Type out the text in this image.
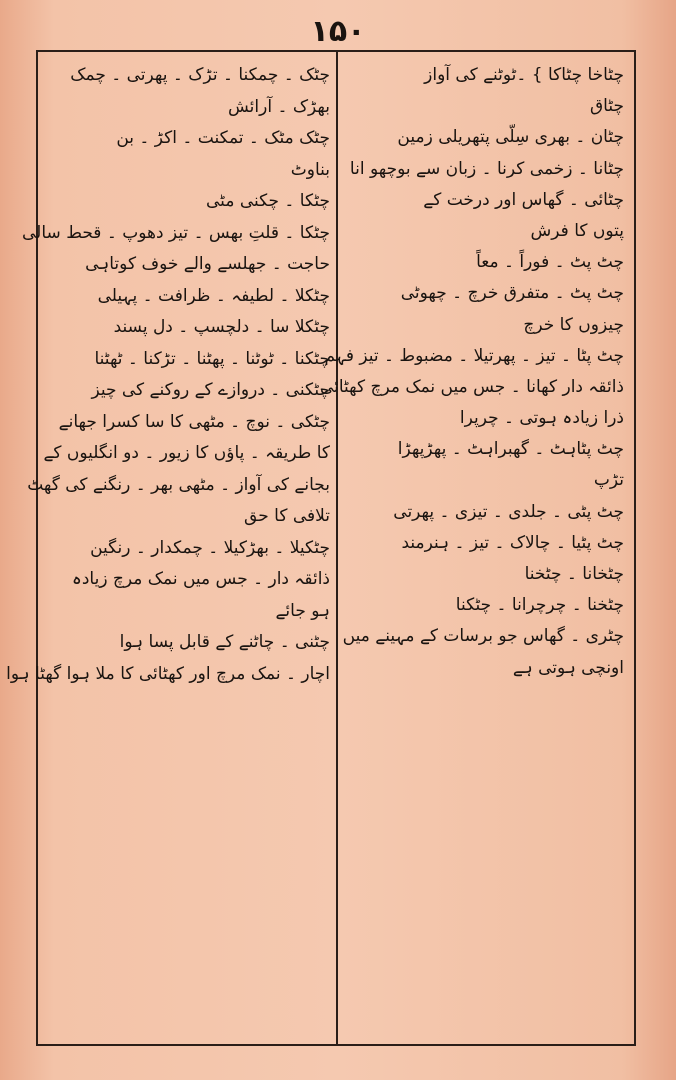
۱۵۰
چٹاخا چٹاکا } ۔ٹوٹنے کی آواز
چٹاق
چٹان ۔ بھری سِلّی پتھریلی زمین
چٹانا ۔ زخمی کرنا ۔ زبان سے بوچھو انا
چٹائی ۔ گھاس اور درخت کے
پتوں کا فرش
چٹ پٹ ۔ فوراً ۔ معاً
چٹ پٹ ۔ متفرق خرچ ۔ چھوٹی
چیزوں کا خرچ
چٹ پٹا ۔ تیز ۔ پھرتیلا ۔ مضبوط ۔ تیز فہم
ذائقہ دار کھانا ۔ جس میں نمک مرچ کھٹائی
ذرا زیادہ ہوتی ۔ چرپرا
چٹ پٹاہٹ ۔ گھبراہٹ ۔ پھڑپھڑا
تڑپ
چٹ پٹی ۔ جلدی ۔ تیزی ۔ پھرتی
چٹ پٹیا ۔ چالاک ۔ تیز ۔ ہنرمند
چٹخانا ۔ چٹخنا
چٹخنا ۔ چرچرانا ۔ چٹکنا
چٹری ۔ گھاس جو برسات کے مہینے میں
اونچی ہوتی ہے
چٹک ۔ چمکنا ۔ تڑک ۔ پھرتی ۔ چمک
بھڑک ۔ آرائش
چٹک مٹک ۔ تمکنت ۔ اکڑ ۔ بن
بناوٹ
چٹکا ۔ چکنی مٹی
چٹکا ۔ قلتِ بھس ۔ تیز دھوپ ۔ قحط سالی
حاجت ۔ جھلسے والے خوف کوتاہی
چٹکلا ۔ لطیفہ ۔ ظرافت ۔ پہیلی
چٹکلا سا ۔ دلچسپ ۔ دل پسند
چٹکنا ۔ ٹوٹنا ۔ پھٹنا ۔ تڑکنا ۔ ٹھٹنا
چٹکنی ۔ دروازے کے روکنے کی چیز
چٹکی ۔ نوچ ۔ مٹھی کا سا کسرا جھانے
کا طریقہ ۔ پاؤں کا زیور ۔ دو انگلیوں کے
بجانے کی آواز ۔ مٹھی بھر ۔ رنگنے کی گھٹ
تلافی کا حق
چٹکیلا ۔ بھڑکیلا ۔ چمکدار ۔ رنگین
ذائقہ دار ۔ جس میں نمک مرچ زیادہ
ہو جائے
چٹنی ۔ چاٹنے کے قابل پسا ہوا
اچار ۔ نمک مرچ اور کھٹائی کا ملا ہوا گھٹا ہوا
